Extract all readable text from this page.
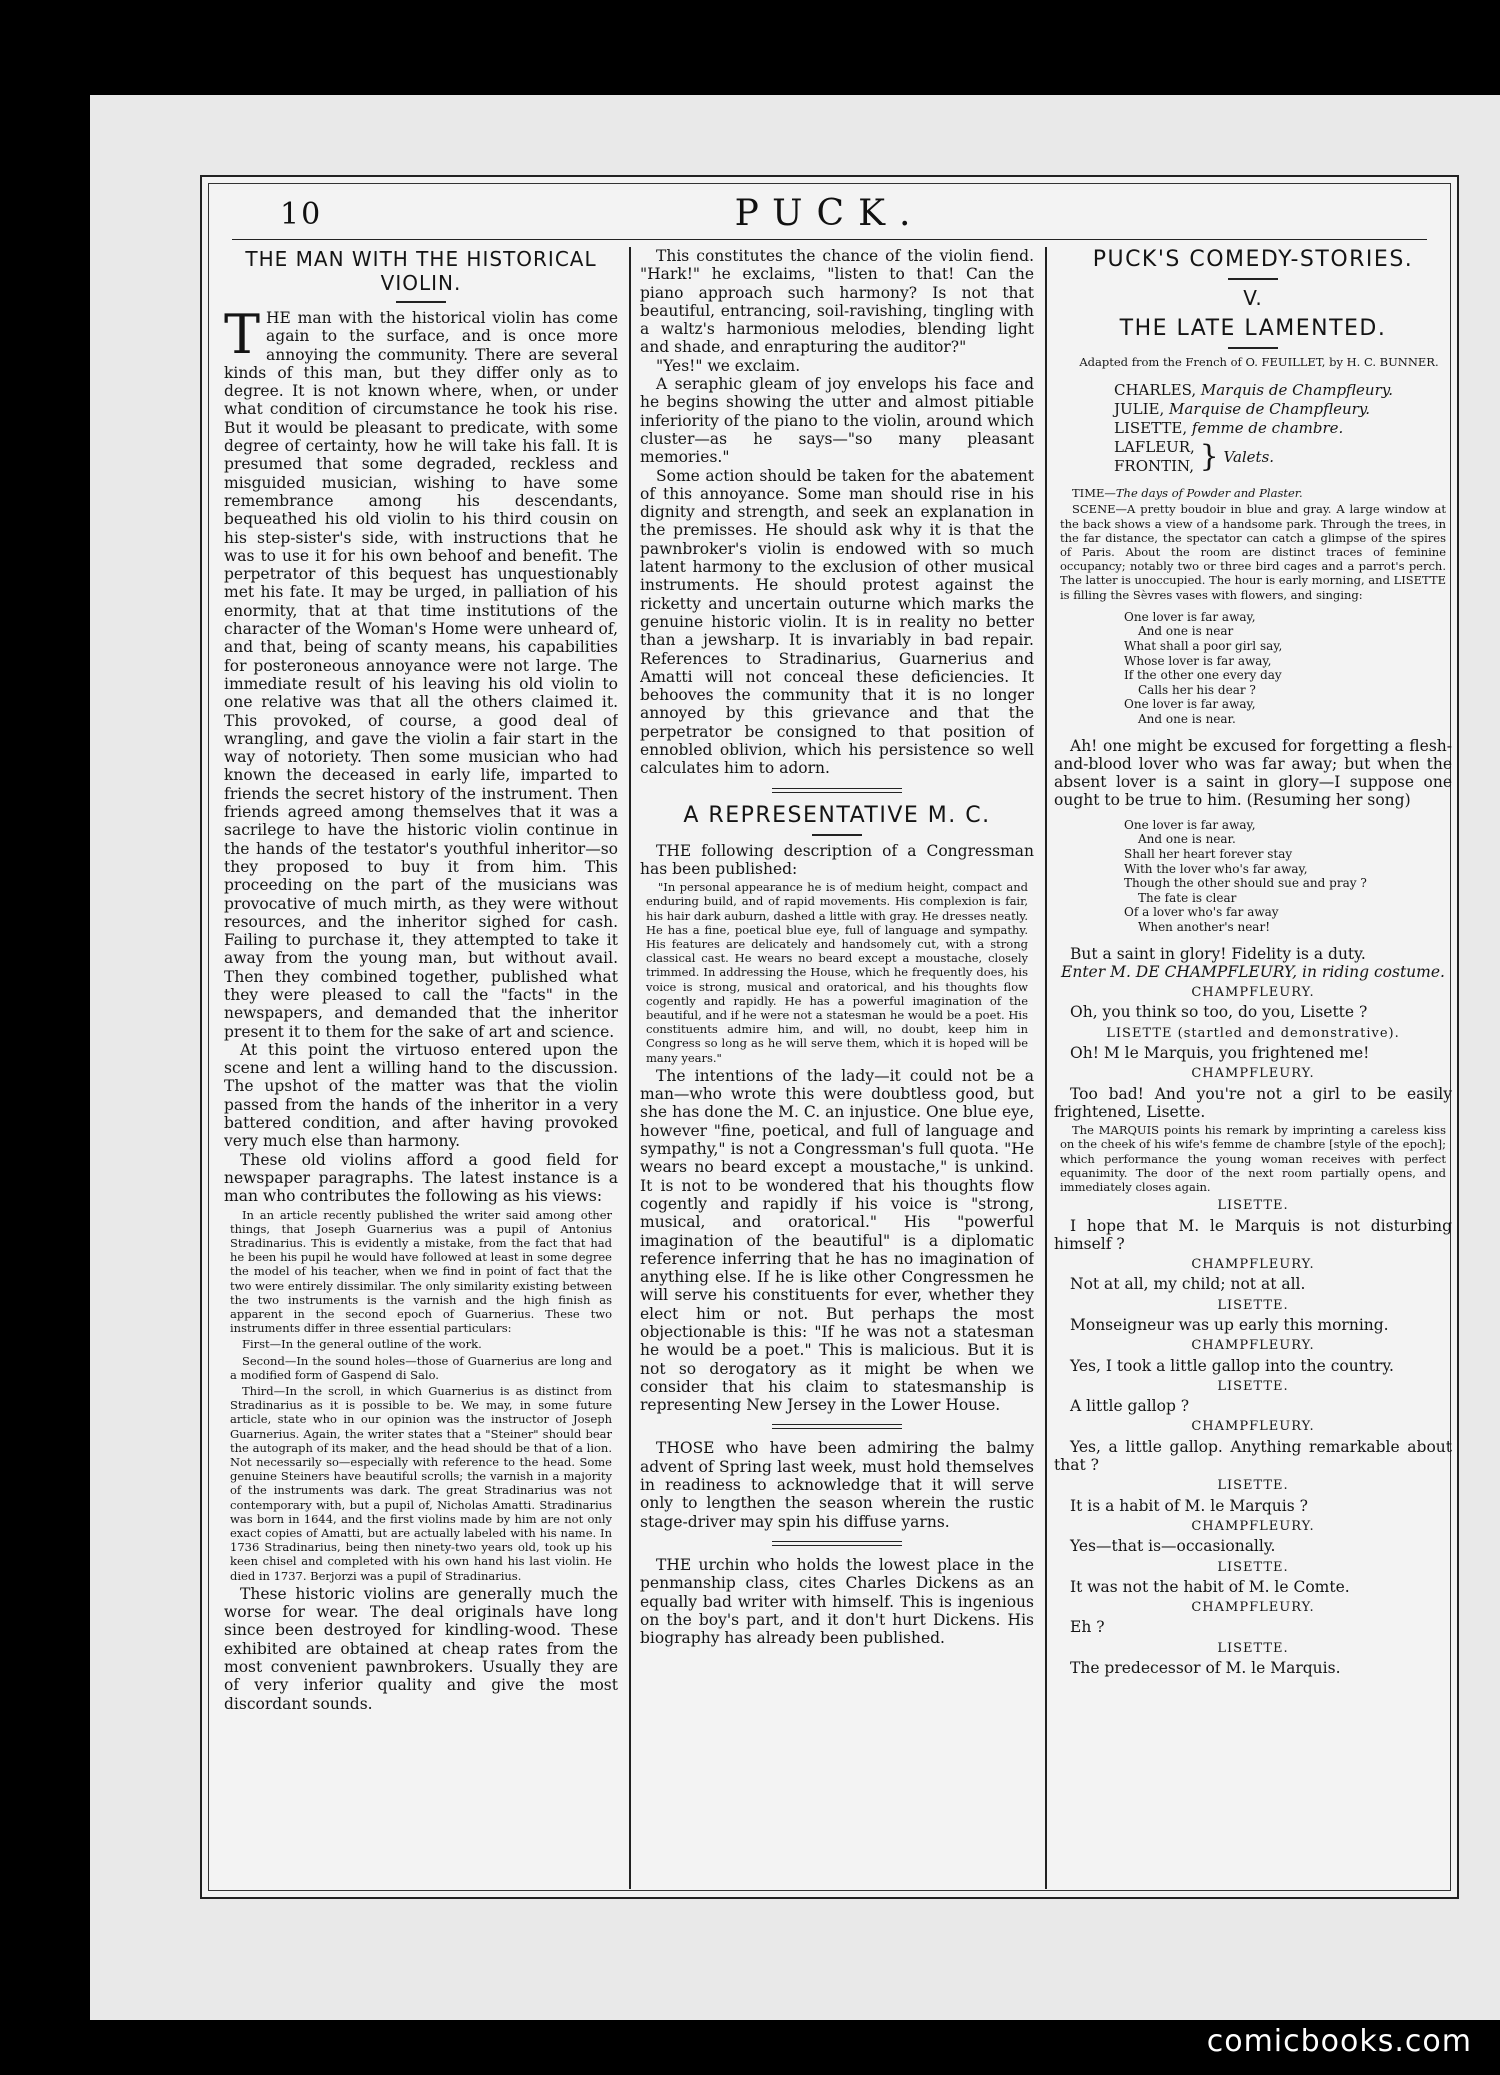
10	PUCK.
THE MAN WITH THE HISTORICAL VIOLIN.

THE man with the historical violin has come again to the surface, and is once more annoying the community. There are several kinds of this man, but they differ only as to degree. It is not known where, when, or under what condition of circumstance he took his rise. But it would be pleasant to predicate, with some degree of certainty, how he will take his fall. It is presumed that some degraded, reckless and misguided musician, wishing to have some remembrance among his descendants, bequeathed his old violin to his third cousin on his step-sister's side, with instructions that he was to use it for his own behoof and benefit. The perpetrator of this bequest has unquestionably met his fate. It may be urged, in palliation of his enormity, that at that time institutions of the character of the Woman's Home were unheard of, and that, being of scanty means, his capabilities for posteroneous annoyance were not large. The immediate result of his leaving his old violin to one relative was that all the others claimed it. This provoked, of course, a good deal of wrangling, and gave the violin a fair start in the way of notoriety. Then some musician who had known the deceased in early life, imparted to friends the secret history of the instrument. Then friends agreed among themselves that it was a sacrilege to have the historic violin continue in the hands of the testator's youthful inheritor—so they proposed to buy it from him. This proceeding on the part of the musicians was provocative of much mirth, as they were without resources, and the inheritor sighed for cash. Failing to purchase it, they attempted to take it away from the young man, but without avail. Then they combined together, published what they were pleased to call the "facts" in the newspapers, and demanded that the inheritor present it to them for the sake of art and science.

At this point the virtuoso entered upon the scene and lent a willing hand to the discussion. The upshot of the matter was that the violin passed from the hands of the inheritor in a very battered condition, and after having provoked very much else than harmony.

These old violins afford a good field for newspaper paragraphs. The latest instance is a man who contributes the following as his views:

In an article recently published the writer said among other things, that Joseph Guarnerius was a pupil of Antonius Stradinarius. This is evidently a mistake, from the fact that had he been his pupil he would have followed at least in some degree the model of his teacher, when we find in point of fact that the two were entirely dissimilar. The only similarity existing between the two instruments is the varnish and the high finish as apparent in the second epoch of Guarnerius. These two instruments differ in three essential particulars:

First—In the general outline of the work.

Second—In the sound holes—those of Guarnerius are long and a modified form of Gaspend di Salo.

Third—In the scroll, in which Guarnerius is as distinct from Stradinarius as it is possible to be. We may, in some future article, state who in our opinion was the instructor of Joseph Guarnerius. Again, the writer states that a "Steiner" should bear the autograph of its maker, and the head should be that of a lion. Not necessarily so—especially with reference to the head. Some genuine Steiners have beautiful scrolls; the varnish in a majority of the instruments was dark. The great Stradinarius was not contemporary with, but a pupil of, Nicholas Amatti. Stradinarius was born in 1644, and the first violins made by him are not only exact copies of Amatti, but are actually labeled with his name. In 1736 Stradinarius, being then ninety-two years old, took up his keen chisel and completed with his own hand his last violin. He died in 1737. Berjorzi was a pupil of Stradinarius.

These historic violins are generally much the worse for wear. The deal originals have long since been destroyed for kindling-wood. These exhibited are obtained at cheap rates from the most convenient pawnbrokers. Usually they are of very inferior quality and give the most discordant sounds.

This constitutes the chance of the violin fiend. "Hark!" he exclaims, "listen to that! Can the piano approach such harmony? Is not that beautiful, entrancing, soil-ravishing, tingling with a waltz's harmonious melodies, blending light and shade, and enrapturing the auditor?"

"Yes!" we exclaim.

A seraphic gleam of joy envelops his face and he begins showing the utter and almost pitiable inferiority of the piano to the violin, around which cluster—as he says—"so many pleasant memories."

Some action should be taken for the abatement of this annoyance. Some man should rise in his dignity and strength, and seek an explanation in the premisses. He should ask why it is that the pawnbroker's violin is endowed with so much latent harmony to the exclusion of other musical instruments. He should protest against the ricketty and uncertain outurne which marks the genuine historic violin. It is in reality no better than a jewsharp. It is invariably in bad repair. References to Stradinarius, Guarnerius and Amatti will not conceal these deficiencies. It behooves the community that it is no longer annoyed by this grievance and that the perpetrator be consigned to that position of ennobled oblivion, which his persistence so well calculates him to adorn.

A REPRESENTATIVE M. C.

THE following description of a Congressman has been published:

"In personal appearance he is of medium height, compact and enduring build, and of rapid movements. His complexion is fair, his hair dark auburn, dashed a little with gray. He dresses neatly. He has a fine, poetical blue eye, full of language and sympathy. His features are delicately and handsomely cut, with a strong classical cast. He wears no beard except a moustache, closely trimmed. In addressing the House, which he frequently does, his voice is strong, musical and oratorical, and his thoughts flow cogently and rapidly. He has a powerful imagination of the beautiful, and if he were not a statesman he would be a poet. His constituents admire him, and will, no doubt, keep him in Congress so long as he will serve them, which it is hoped will be many years."

The intentions of the lady—it could not be a man—who wrote this were doubtless good, but she has done the M. C. an injustice. One blue eye, however "fine, poetical, and full of language and sympathy," is not a Congressman's full quota. "He wears no beard except a moustache," is unkind. It is not to be wondered that his thoughts flow cogently and rapidly if his voice is "strong, musical, and oratorical." His "powerful imagination of the beautiful" is a diplomatic reference inferring that he has no imagination of anything else. If he is like other Congressmen he will serve his constituents for ever, whether they elect him or not. But perhaps the most objectionable is this: "If he was not a statesman he would be a poet." This is malicious. But it is not so derogatory as it might be when we consider that his claim to statesmanship is representing New Jersey in the Lower House.

THOSE who have been admiring the balmy advent of Spring last week, must hold themselves in readiness to acknowledge that it will serve only to lengthen the season wherein the rustic stage-driver may spin his diffuse yarns.

THE urchin who holds the lowest place in the penmanship class, cites Charles Dickens as an equally bad writer with himself. This is ingenious on the boy's part, and it don't hurt Dickens. His biography has already been published.

PUCK'S COMEDY-STORIES.
V.
THE LATE LAMENTED.

Adapted from the French of O. FEUILLET, by H. C. BUNNER.

CHARLES, Marquis de Champfleury.
JULIE, Marquise de Champfleury.
LISETTE, femme de chambre.
LAFLEUR,
FRONTIN, } Valets.

TIME—The days of Powder and Plaster.

SCENE—A pretty boudoir in blue and gray. A large window at the back shows a view of a handsome park. Through the trees, in the far distance, the spectator can catch a glimpse of the spires of Paris. About the room are distinct traces of feminine occupancy; notably two or three bird cages and a parrot's perch. The latter is unoccupied. The hour is early morning, and LISETTE is filling the Sèvres vases with flowers, and singing:

One lover is far away,
And one is near
What shall a poor girl say,
Whose lover is far away,
If the other one every day
Calls her his dear ?
One lover is far away,
And one is near.

Ah! one might be excused for forgetting a flesh-and-blood lover who was far away; but when the absent lover is a saint in glory—I suppose one ought to be true to him. (Resuming her song)

One lover is far away,
And one is near.
Shall her heart forever stay
With the lover who's far away,
Though the other should sue and pray ?
The fate is clear
Of a lover who's far away
When another's near!

But a saint in glory! Fidelity is a duty.

Enter M. DE CHAMPFLEURY, in riding costume.

CHAMPFLEURY.

Oh, you think so too, do you, Lisette ?

LISETTE (startled and demonstrative).

Oh! M le Marquis, you frightened me!

CHAMPFLEURY.

Too bad! And you're not a girl to be easily frightened, Lisette.

The MARQUIS points his remark by imprinting a careless kiss on the cheek of his wife's femme de chambre [style of the epoch]; which performance the young woman receives with perfect equanimity. The door of the next room partially opens, and immediately closes again.

LISETTE.

I hope that M. le Marquis is not disturbing himself ?

CHAMPFLEURY.

Not at all, my child; not at all.

LISETTE.

Monseigneur was up early this morning.

CHAMPFLEURY.

Yes, I took a little gallop into the country.

LISETTE.

A little gallop ?

CHAMPFLEURY.

Yes, a little gallop. Anything remarkable about that ?

LISETTE.

It is a habit of M. le Marquis ?

CHAMPFLEURY.

Yes—that is—occasionally.

LISETTE.

It was not the habit of M. le Comte.

CHAMPFLEURY.

Eh ?

LISETTE.

The predecessor of M. le Marquis.

comicbooks.com
